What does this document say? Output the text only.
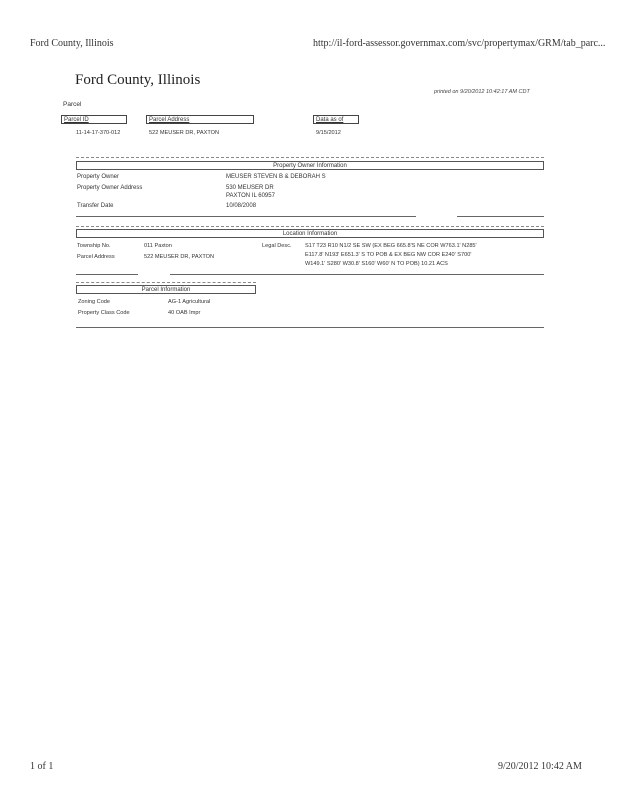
Ford County, Illinois	http://il-ford-assessor.governmax.com/svc/propertymax/GRM/tab_parc...
Ford County, Illinois
printed on 9/20/2012 10:42:17 AM CDT
Parcel
Parcel ID	Parcel Address	Data as of
11-14-17-370-012	522 MEUSER DR, PAXTON	9/15/2012
Property Owner Information
Property Owner	MEUSER STEVEN B & DEBORAH S
Property Owner Address	530 MEUSER DR
PAXTON IL 60957
Transfer Date	10/08/2008
Location Information
Township No.	011 Paxton
Parcel Address	522 MEUSER DR, PAXTON
Legal Desc. S17 T23 R10 N1/2 SE SW (EX BEG 665.8'S NE COR W763.1' N285'
E117.8' N193' E651.3' S TO POB & EX BEG NW COR E240' S700'
W149.1' S280' W30.8' S160' W60' N TO POB) 10.21 ACS
Parcel Information
Zoning Code	AG-1 Agricultural
Property Class Code	40 OAB Impr
1 of 1	9/20/2012 10:42 AM
